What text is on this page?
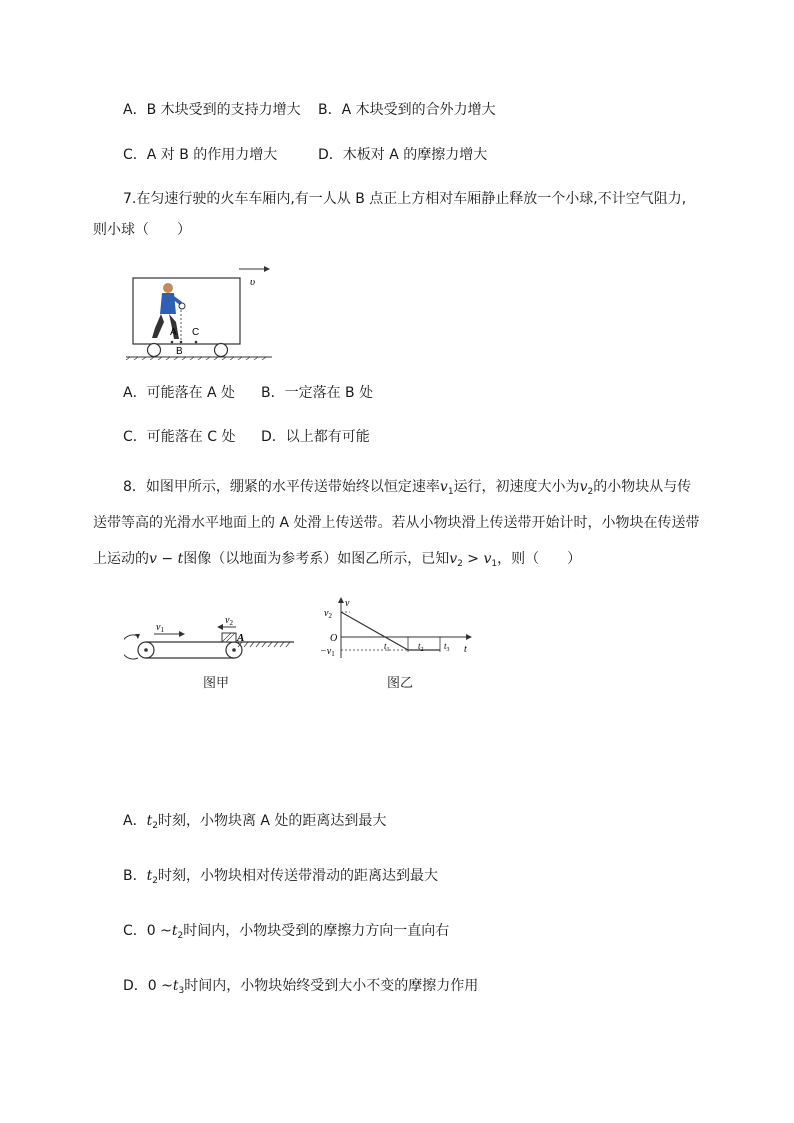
A．B 木块受到的支持力增大 B．A 木块受到的合外力增大
C．A 对 B 的作用力增大	D．木板对 A 的摩擦力增大
7.在匀速行驶的火车车厢内,有一人从 B 点正上方相对车厢静止释放一个小球,不计空气阻力,
则小球（　　）
υ
A
B
C
A．可能落在 A 处 B．一定落在 B 处
C．可能落在 C 处 D．以上都有可能
8．如图甲所示，绷紧的水平传送带始终以恒定速率$v_1$运行，初速度大小为$v_2$的小物块从与传
送带等高的光滑水平地面上的 A 处滑上传送带。若从小物块滑上传送带开始计时，小物块在传送带
上运动的v − t图像（以地面为参考系）如图乙所示，已知$v_2 > v_1$，则（　　）
$v_1$
$v_2$
A
图甲
v
t
O
$v_2$
$-v_1$
$t_1$	$t_2$ $t_3$
图乙
A．$t_2$时刻，小物块离 A 处的距离达到最大
B．$t_2$时刻，小物块相对传送带滑动的距离达到最大
C．0 $\sim t_2$时间内，小物块受到的摩擦力方向一直向右
D．0 $\sim t_3$时间内，小物块始终受到大小不变的摩擦力作用
